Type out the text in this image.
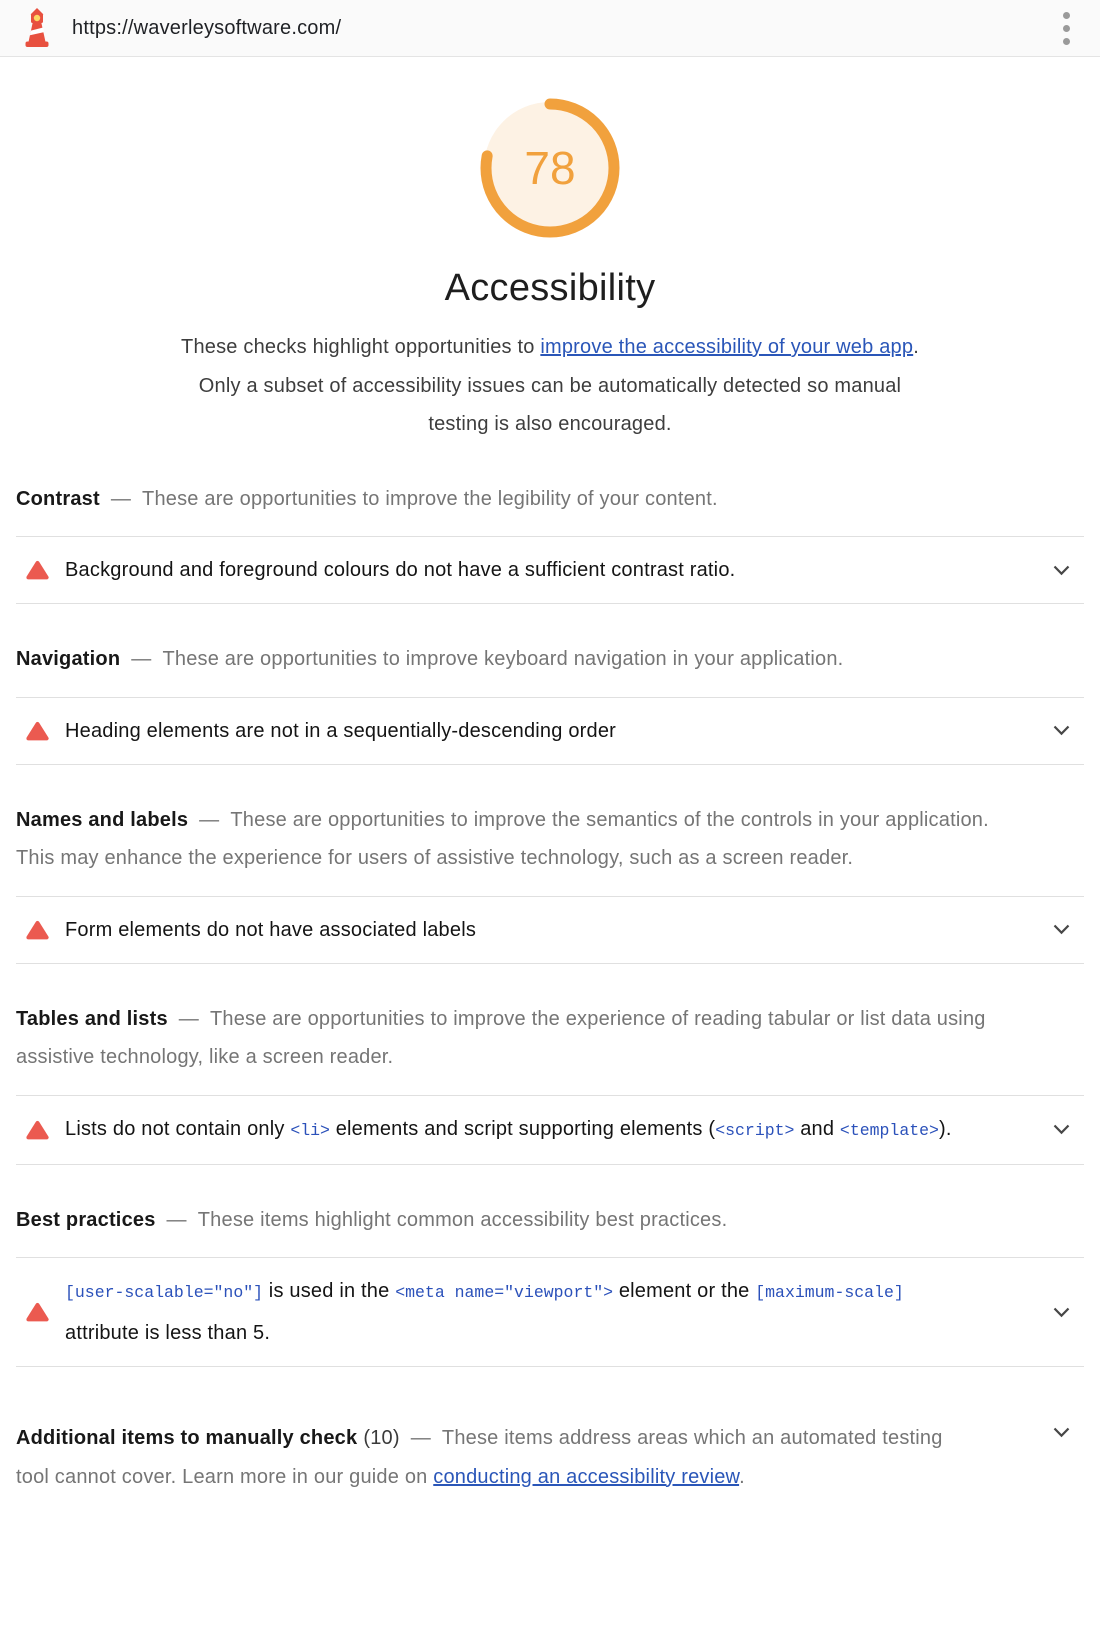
https://waverleysoftware.com/
78
Accessibility

These checks highlight opportunities to improve the accessibility of your web app. Only a subset of accessibility issues can be automatically detected so manual testing is also encouraged.

Contrast — These are opportunities to improve the legibility of your content.

Background and foreground colours do not have a sufficient contrast ratio.

Navigation — These are opportunities to improve keyboard navigation in your application.

Heading elements are not in a sequentially-descending order

Names and labels — These are opportunities to improve the semantics of the controls in your application. This may enhance the experience for users of assistive technology, such as a screen reader.

Form elements do not have associated labels

Tables and lists — These are opportunities to improve the experience of reading tabular or list data using assistive technology, like a screen reader.

Lists do not contain only <li> elements and script supporting elements (<script> and <template>).

Best practices — These items highlight common accessibility best practices.

[user-scalable="no"] is used in the <meta name="viewport"> element or the [maximum-scale] attribute is less than 5.

Additional items to manually check (10) — These items address areas which an automated testing tool cannot cover. Learn more in our guide on conducting an accessibility review.
